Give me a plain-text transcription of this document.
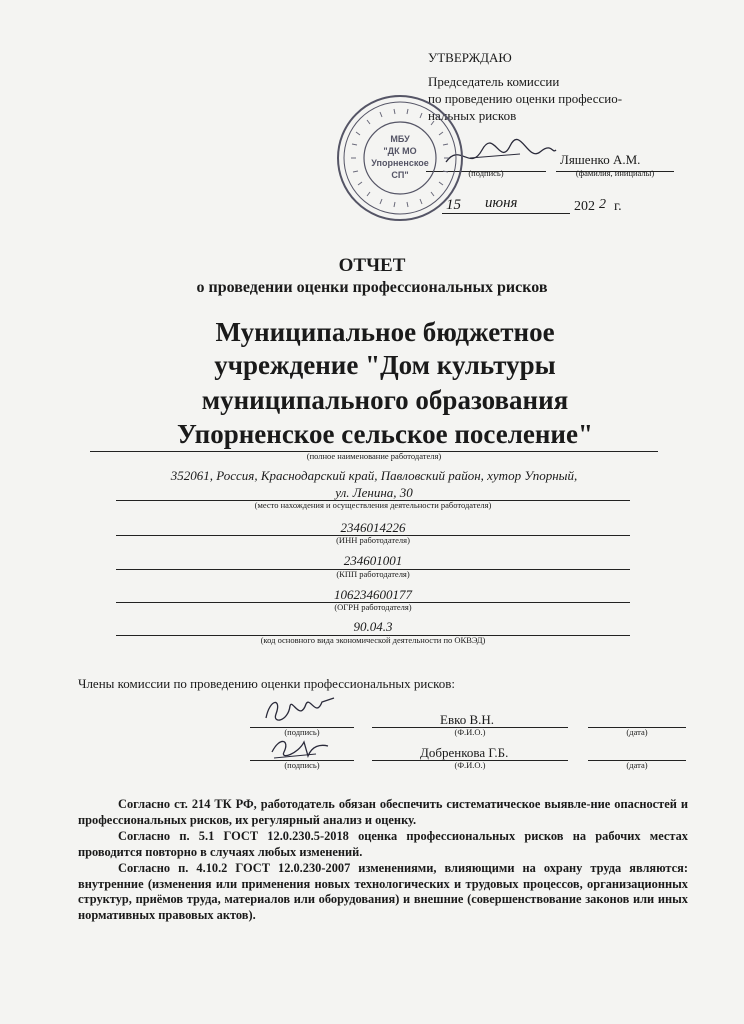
УТВЕРЖДАЮ
Председатель комиссии
по проведению оценки профессио-
нальных рисков
Ляшенко А.М.
(подпись)	(фамилия, инициалы)
15 июня	202 2 г.
МБУ
"ДК МО
Упорненское
СП"
ОТЧЕТ
о проведении оценки профессиональных рисков
Муниципальное бюджетное
учреждение "Дом культуры
муниципального образования
Упорненское сельское поселение"
(полное наименование работодателя)
352061, Россия, Краснодарский край, Павловский район, хутор Упорный,
ул. Ленина, 30
(место нахождения и осуществления деятельности работодателя)
2346014226
(ИНН работодателя)
234601001
(КПП работодателя)
106234600177
(ОГРН работодателя)
90.04.3
(код основного вида экономической деятельности по ОКВЭД)
Члены комиссии по проведению оценки профессиональных рисков:
(подпись)
Евко В.Н.
(Ф.И.О.)	(дата)
(подпись)
Добренкова Г.Б.
(Ф.И.О.)	(дата)
Согласно ст. 214 ТК РФ, работодатель обязан обеспечить систематическое выявле-ние опасностей и профессиональных рисков, их регулярный анализ и оценку.
Согласно п. 5.1 ГОСТ 12.0.230.5-2018 оценка профессиональных рисков на рабочих местах проводится повторно в случаях любых изменений.
Согласно п. 4.10.2 ГОСТ 12.0.230-2007 изменениями, влияющими на охрану труда являются: внутренние (изменения или применения новых технологических и трудовых процессов, организационных структур, приёмов труда, материалов или оборудования) и внешние (совершенствование законов или иных нормативных правовых актов).
